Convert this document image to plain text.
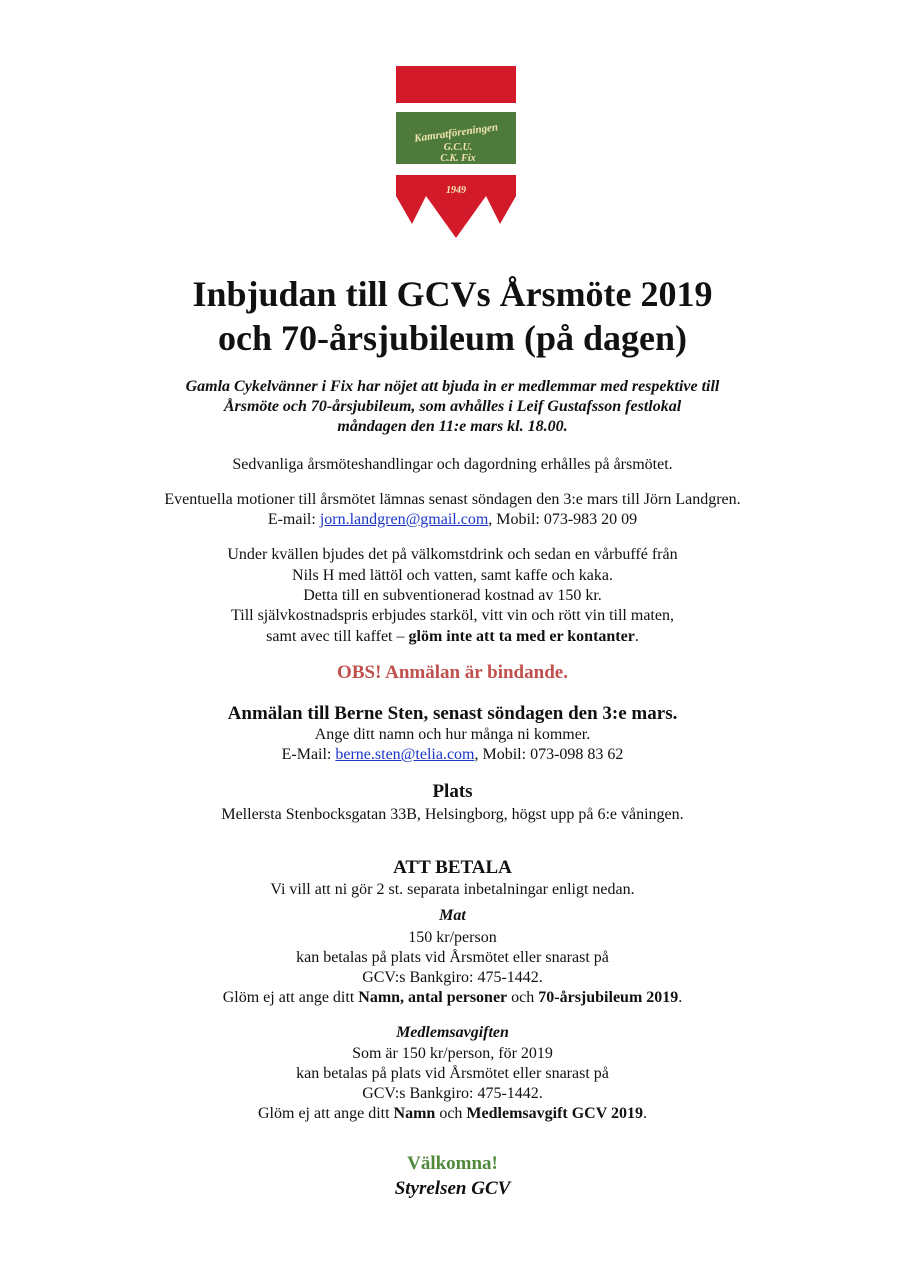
Kamratföreningen
G.C.U.
C.K. Fix
1949
Inbjudan till GCVs Årsmöte 2019
och 70-årsjubileum (på dagen)
Gamla Cykelvänner i Fix har nöjet att bjuda in er medlemmar med respektive till
Årsmöte och 70-årsjubileum, som avhålles i Leif Gustafsson festlokal
måndagen den 11:e mars kl. 18.00.
Sedvanliga årsmöteshandlingar och dagordning erhålles på årsmötet.
Eventuella motioner till årsmötet lämnas senast söndagen den 3:e mars till Jörn Landgren.
E-mail: jorn.landgren@gmail.com, Mobil: 073-983 20 09
Under kvällen bjudes det på välkomstdrink och sedan en vårbuffé från
Nils H med lättöl och vatten, samt kaffe och kaka.
Detta till en subventionerad kostnad av 150 kr.
Till självkostnadspris erbjudes starköl, vitt vin och rött vin till maten,
samt avec till kaffet – glöm inte att ta med er kontanter.
OBS! Anmälan är bindande.
Anmälan till Berne Sten, senast söndagen den 3:e mars.
Ange ditt namn och hur många ni kommer.
E-Mail: berne.sten@telia.com, Mobil: 073-098 83 62
Plats
Mellersta Stenbocksgatan 33B, Helsingborg, högst upp på 6:e våningen.
ATT BETALA
Vi vill att ni gör 2 st. separata inbetalningar enligt nedan.
Mat
150 kr/person
kan betalas på plats vid Årsmötet eller snarast på
GCV:s Bankgiro: 475-1442.
Glöm ej att ange ditt Namn, antal personer och 70-årsjubileum 2019.
Medlemsavgiften
Som är 150 kr/person, för 2019
kan betalas på plats vid Årsmötet eller snarast på
GCV:s Bankgiro: 475-1442.
Glöm ej att ange ditt Namn och Medlemsavgift GCV 2019.
Välkomna!
Styrelsen GCV
